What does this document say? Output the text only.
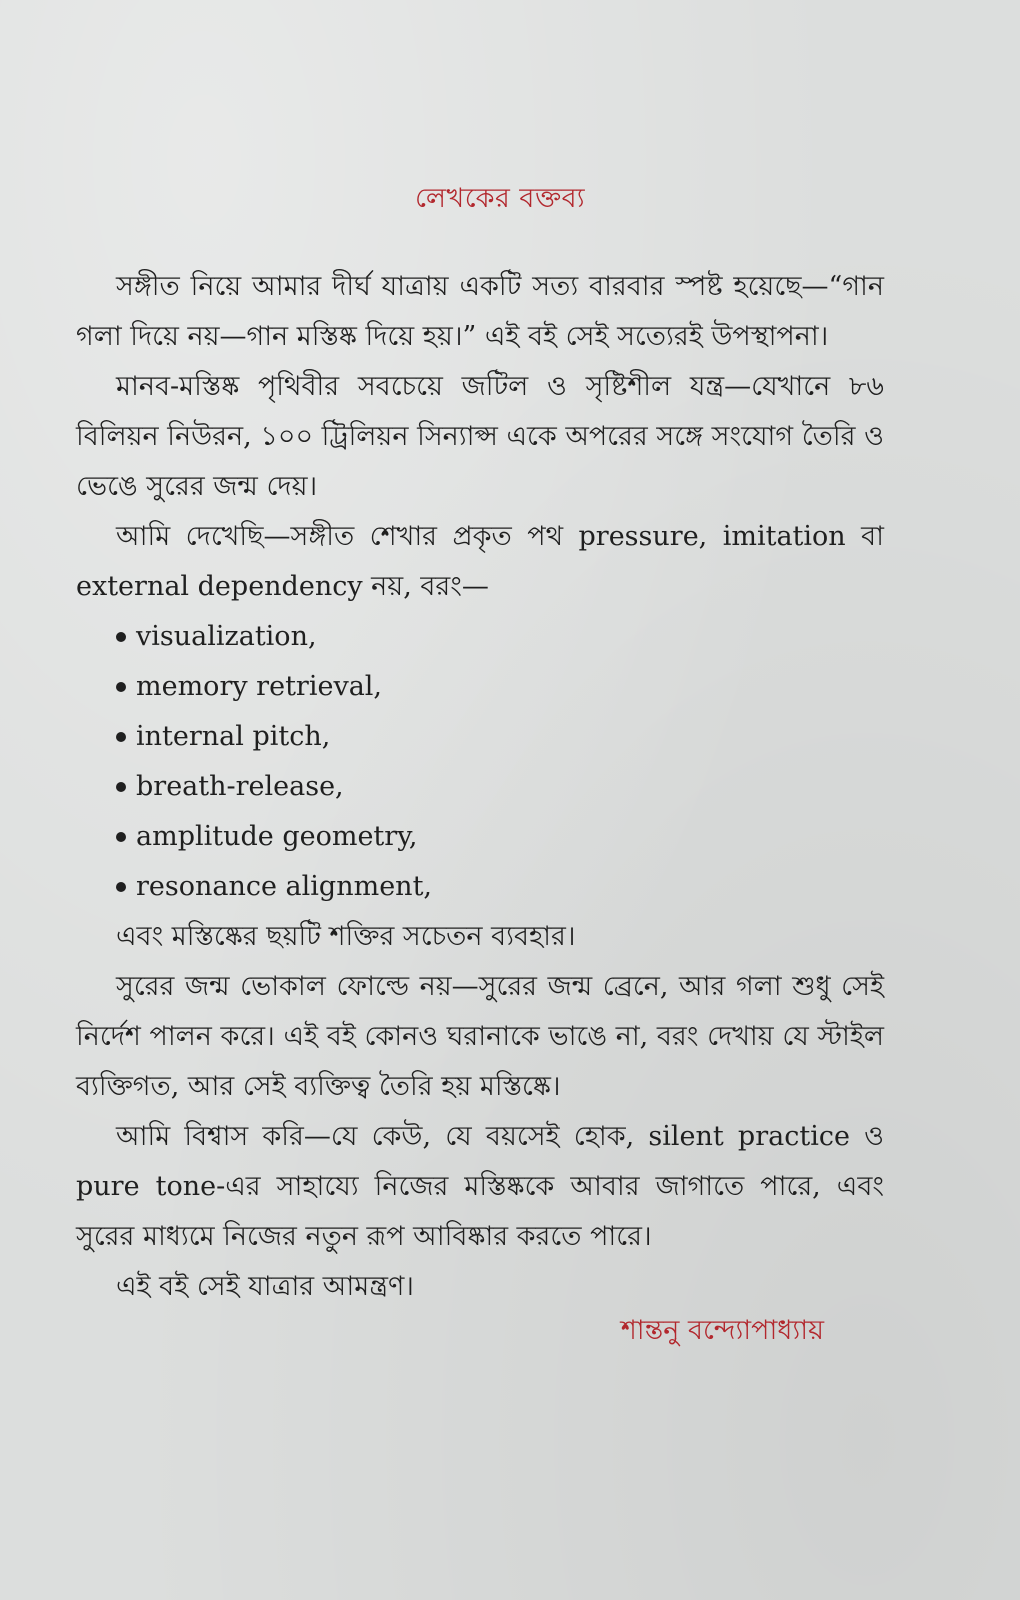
লেখকের বক্তব্য

সঙ্গীত নিয়ে আমার দীর্ঘ যাত্রায় একটি সত্য বারবার স্পষ্ট হয়েছে—“গান গলা দিয়ে নয়—গান মস্তিষ্ক দিয়ে হয়।” এই বই সেই সত্যেরই উপস্থাপনা।

মানব-মস্তিষ্ক পৃথিবীর সবচেয়ে জটিল ও সৃষ্টিশীল যন্ত্র—যেখানে ৮৬ বিলিয়ন নিউরন, ১০০ ট্রিলিয়ন সিন্যাপ্স একে অপরের সঙ্গে সংযোগ তৈরি ও ভেঙে সুরের জন্ম দেয়।

আমি দেখেছি—সঙ্গীত শেখার প্রকৃত পথ pressure, imitation বা external dependency নয়, বরং—

visualization,
memory retrieval,
internal pitch,
breath-release,
amplitude geometry,
resonance alignment,

এবং মস্তিষ্কের ছয়টি শক্তির সচেতন ব্যবহার।

সুরের জন্ম ভোকাল ফোল্ডে নয়—সুরের জন্ম ব্রেনে, আর গলা শুধু সেই নির্দেশ পালন করে। এই বই কোনও ঘরানাকে ভাঙে না, বরং দেখায় যে স্টাইল ব্যক্তিগত, আর সেই ব্যক্তিত্ব তৈরি হয় মস্তিষ্কে।

আমি বিশ্বাস করি—যে কেউ, যে বয়সেই হোক, silent practice ও pure tone-এর সাহায্যে নিজের মস্তিষ্ককে আবার জাগাতে পারে, এবং সুরের মাধ্যমে নিজের নতুন রূপ আবিষ্কার করতে পারে।

এই বই সেই যাত্রার আমন্ত্রণ।

শান্তনু বন্দ্যোপাধ্যায়
